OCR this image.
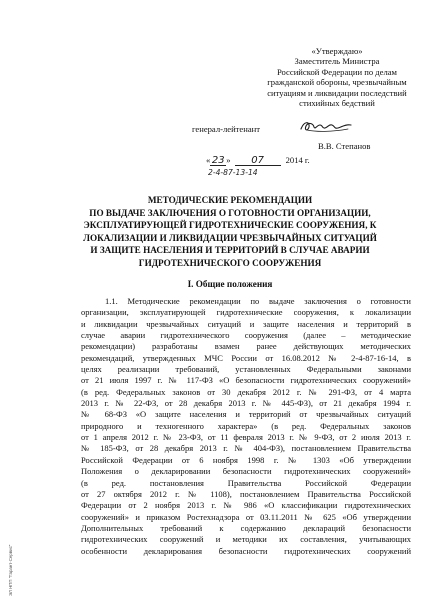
«Утверждаю»
Заместитель Министра
Российской Федерации по делам
гражданской обороны, чрезвычайным
ситуациям и ликвидации последствий
стихийных бедствий
генерал-лейтенант
В.В. Степанов
« 23 » 07	2014 г.
2-4-87-13-14
МЕТОДИЧЕСКИЕ РЕКОМЕНДАЦИИ
ПО ВЫДАЧЕ ЗАКЛЮЧЕНИЯ О ГОТОВНОСТИ ОРГАНИЗАЦИИ,
ЭКСПЛУАТИРУЮЩЕЙ ГИДРОТЕХНИЧЕСКИЕ СООРУЖЕНИЯ, К
ЛОКАЛИЗАЦИИ И ЛИКВИДАЦИИ ЧРЕЗВЫЧАЙНЫХ СИТУАЦИЙ
И ЗАЩИТЕ НАСЕЛЕНИЯ И ТЕРРИТОРИЙ В СЛУЧАЕ АВАРИИ
ГИДРОТЕХНИЧЕСКОГО СООРУЖЕНИЯ
I. Общие положения
1.1. Методические рекомендации по выдаче заключения о готовности
организации, эксплуатирующей гидротехнические сооружения, к локализации
и ликвидации чрезвычайных ситуаций и защите населения и территорий в
случае аварии гидротехнического сооружения (далее – методические
рекомендации) разработаны взамен ранее действующих методических
рекомендаций, утвержденных МЧС России от 16.08.2012 № 2-4-87-16-14, в
целях реализации требований, установленных Федеральными законами
от 21 июля 1997 г. № 117-ФЗ «О безопасности гидротехнических сооружений»
(в ред. Федеральных законов от 30 декабря 2012 г. № 291-ФЗ, от 4 марта
2013 г. № 22-ФЗ, от 28 декабря 2013 г. № 445-ФЗ), от 21 декабря 1994 г.
№ 68-ФЗ «О защите населения и территорий от чрезвычайных ситуаций
природного и техногенного характера» (в ред. Федеральных законов
от 1 апреля 2012 г. № 23-ФЗ, от 11 февраля 2013 г. № 9-ФЗ, от 2 июля 2013 г.
№ 185-ФЗ, от 28 декабря 2013 г. № 404-ФЗ), постановлением Правительства
Российской Федерации от 6 ноября 1998 г. № 1303 «Об утверждении
Положения о декларировании безопасности гидротехнических сооружений»
(в ред. постановления Правительства Российской Федерации
от 27 октября 2012 г. № 1108), постановлением Правительства Российской
Федерации от 2 ноября 2013 г. № 986 «О классификации гидротехнических
сооружений» и приказом Ростехнадзора от 03.11.2011 № 625 «Об утверждении
Дополнительных требований к содержанию деклараций безопасности
гидротехнических сооружений и методики их составления, учитывающих
особенности декларирования безопасности гидротехнических сооружений
ЭЛ НПП "Гарант-Сервис"
